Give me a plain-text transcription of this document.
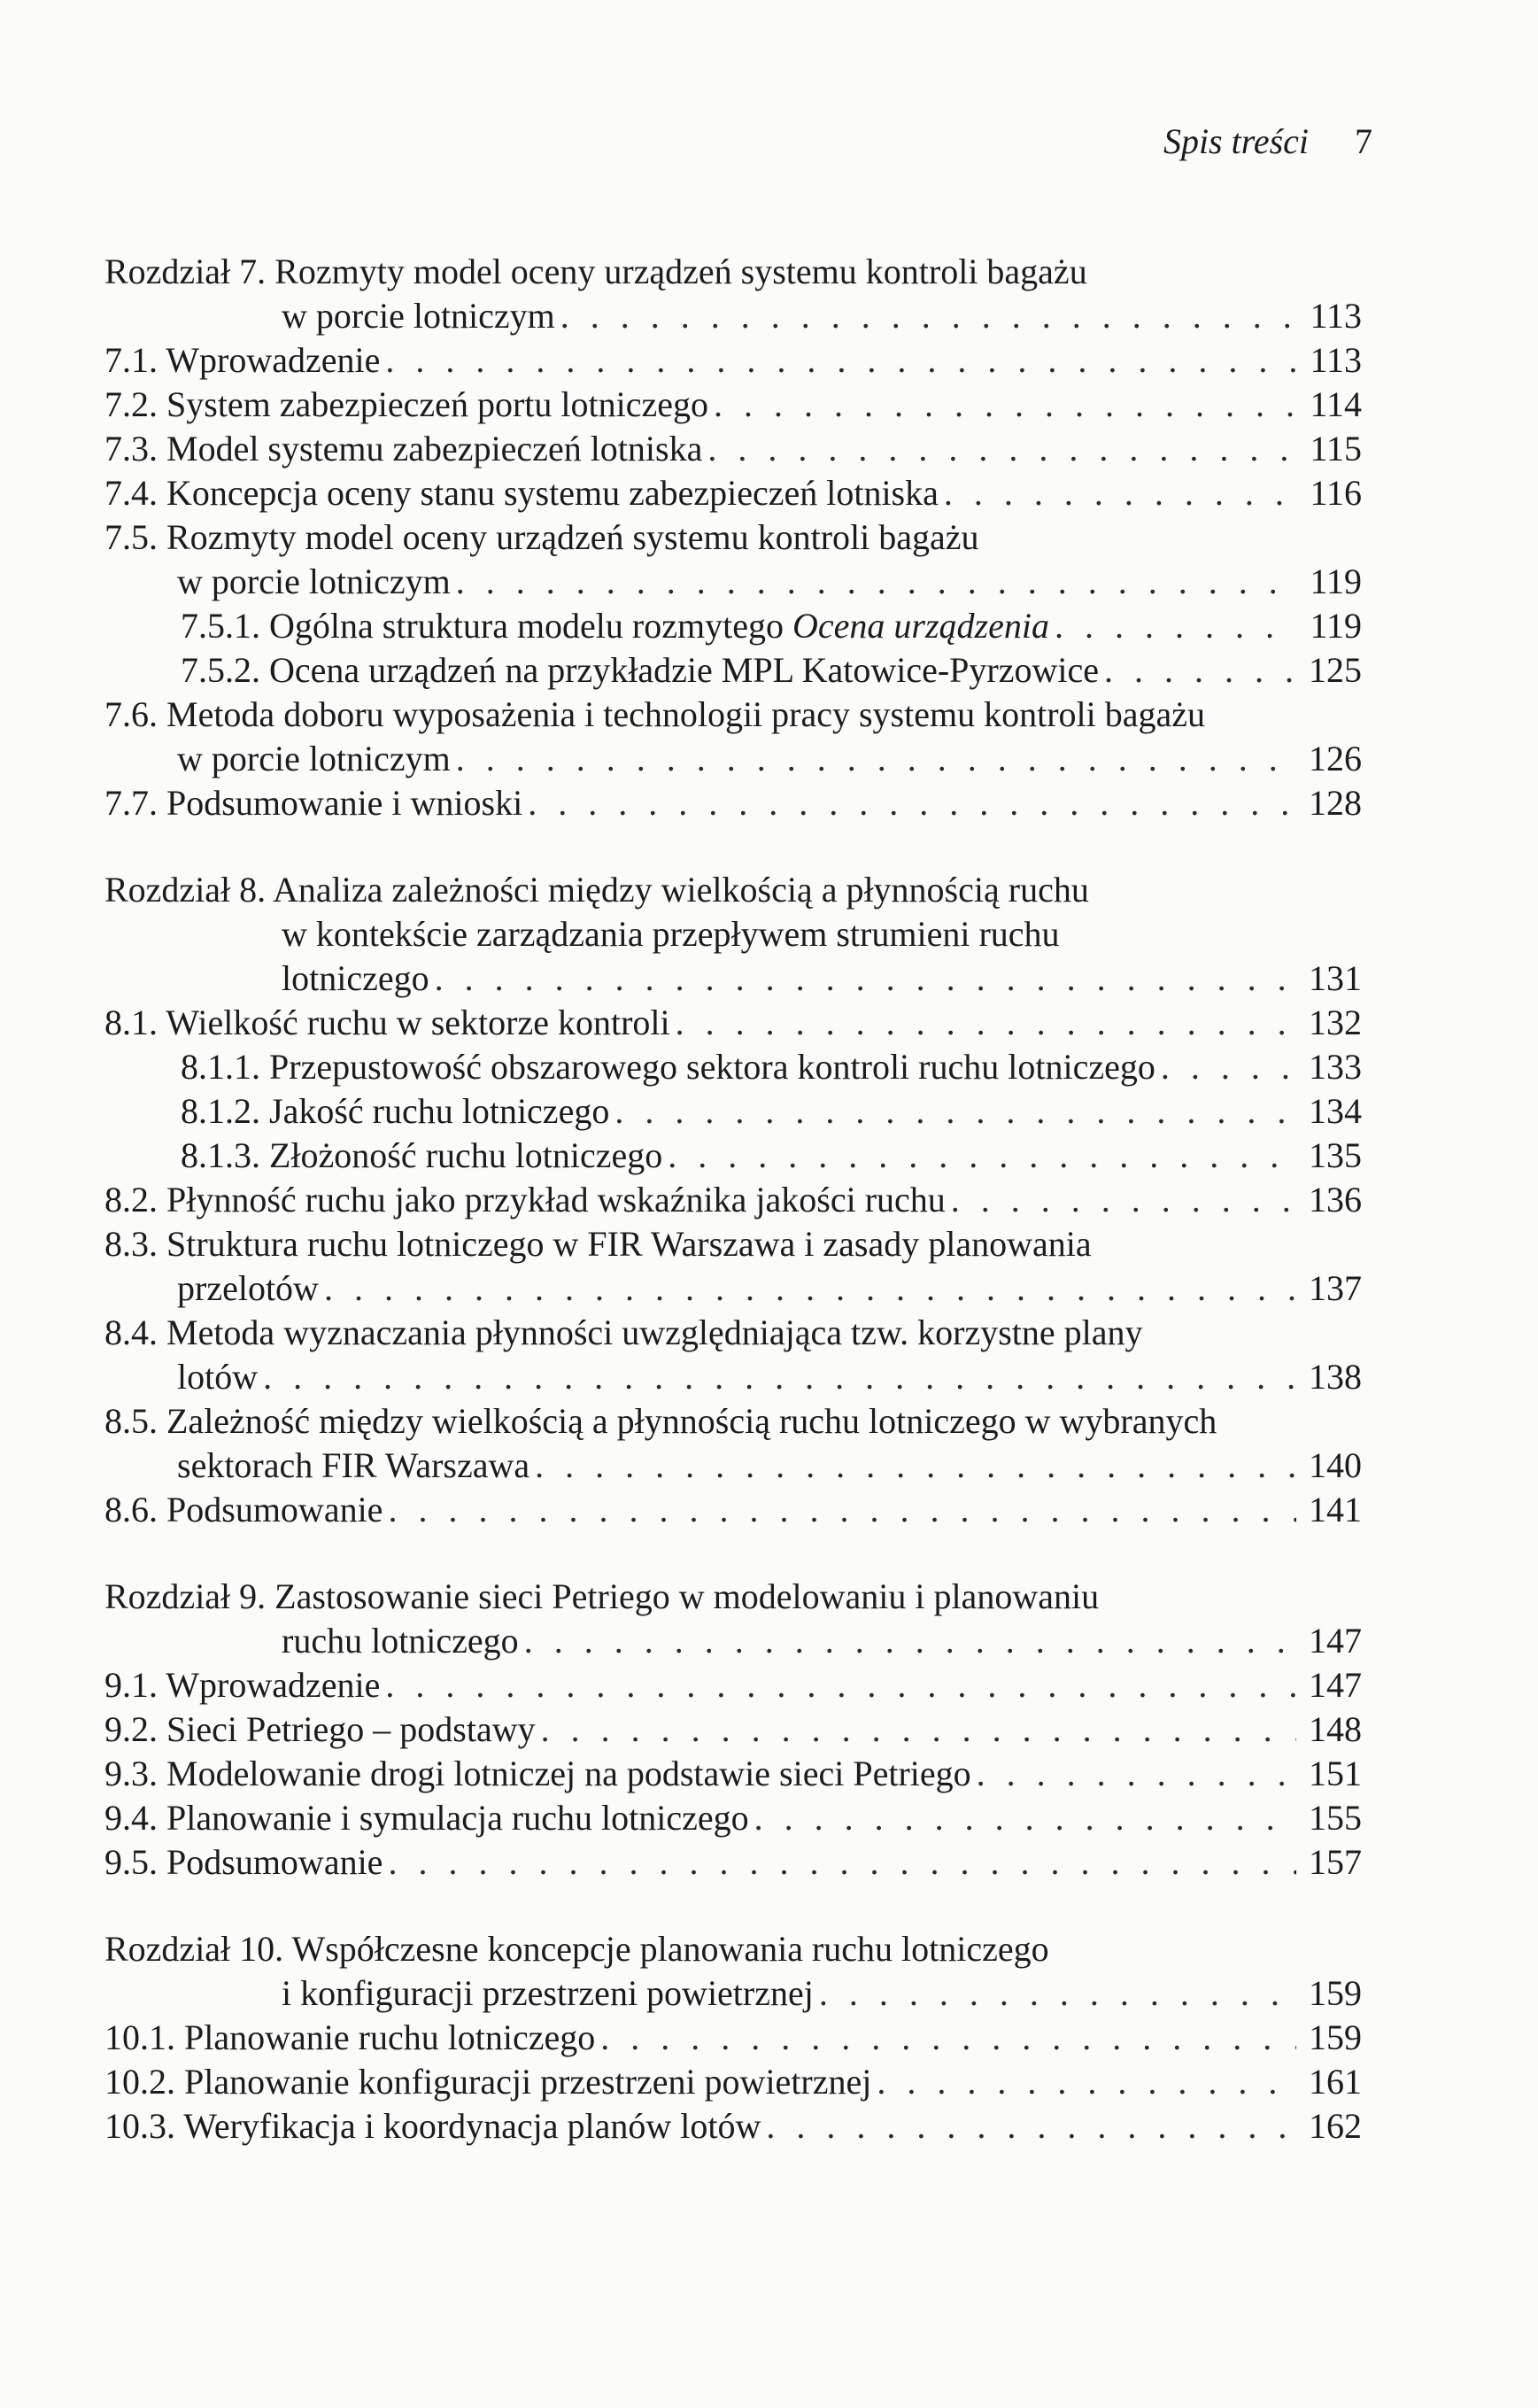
Spis treści 7
Rozdział 7. Rozmyty model oceny urządzeń systemu kontroli bagażu
w porcie lotniczym . . .	113
7.1. Wprowadzenie . . .	113
7.2. System zabezpieczeń portu lotniczego . . .	114
7.3. Model systemu zabezpieczeń lotniska . . .	115
7.4. Koncepcja oceny stanu systemu zabezpieczeń lotniska . . .	116
7.5. Rozmyty model oceny urządzeń systemu kontroli bagażu
w porcie lotniczym . . .	119
7.5.1. Ogólna struktura modelu rozmytego Ocena urządzenia . . .	119
7.5.2. Ocena urządzeń na przykładzie MPL Katowice-Pyrzowice . . .	125
7.6. Metoda doboru wyposażenia i technologii pracy systemu kontroli bagażu
w porcie lotniczym . . .	126
7.7. Podsumowanie i wnioski . . .	128
Rozdział 8. Analiza zależności między wielkością a płynnością ruchu
w kontekście zarządzania przepływem strumieni ruchu
lotniczego . . .	131
8.1. Wielkość ruchu w sektorze kontroli . . .	132
8.1.1. Przepustowość obszarowego sektora kontroli ruchu lotniczego . . .	133
8.1.2. Jakość ruchu lotniczego . . .	134
8.1.3. Złożoność ruchu lotniczego . . .	135
8.2. Płynność ruchu jako przykład wskaźnika jakości ruchu . . .	136
8.3. Struktura ruchu lotniczego w FIR Warszawa i zasady planowania
przelotów . . .	137
8.4. Metoda wyznaczania płynności uwzględniająca tzw. korzystne plany
lotów . . .	138
8.5. Zależność między wielkością a płynnością ruchu lotniczego w wybranych
sektorach FIR Warszawa . . .	140
8.6. Podsumowanie . . .	141
Rozdział 9. Zastosowanie sieci Petriego w modelowaniu i planowaniu
ruchu lotniczego . . .	147
9.1. Wprowadzenie . . .	147
9.2. Sieci Petriego – podstawy . . .	148
9.3. Modelowanie drogi lotniczej na podstawie sieci Petriego . . .	151
9.4. Planowanie i symulacja ruchu lotniczego . . .	155
9.5. Podsumowanie . . .	157
Rozdział 10. Współczesne koncepcje planowania ruchu lotniczego
i konfiguracji przestrzeni powietrznej . . .	159
10.1. Planowanie ruchu lotniczego . . .	159
10.2. Planowanie konfiguracji przestrzeni powietrznej . . .	161
10.3. Weryfikacja i koordynacja planów lotów . . .	162
